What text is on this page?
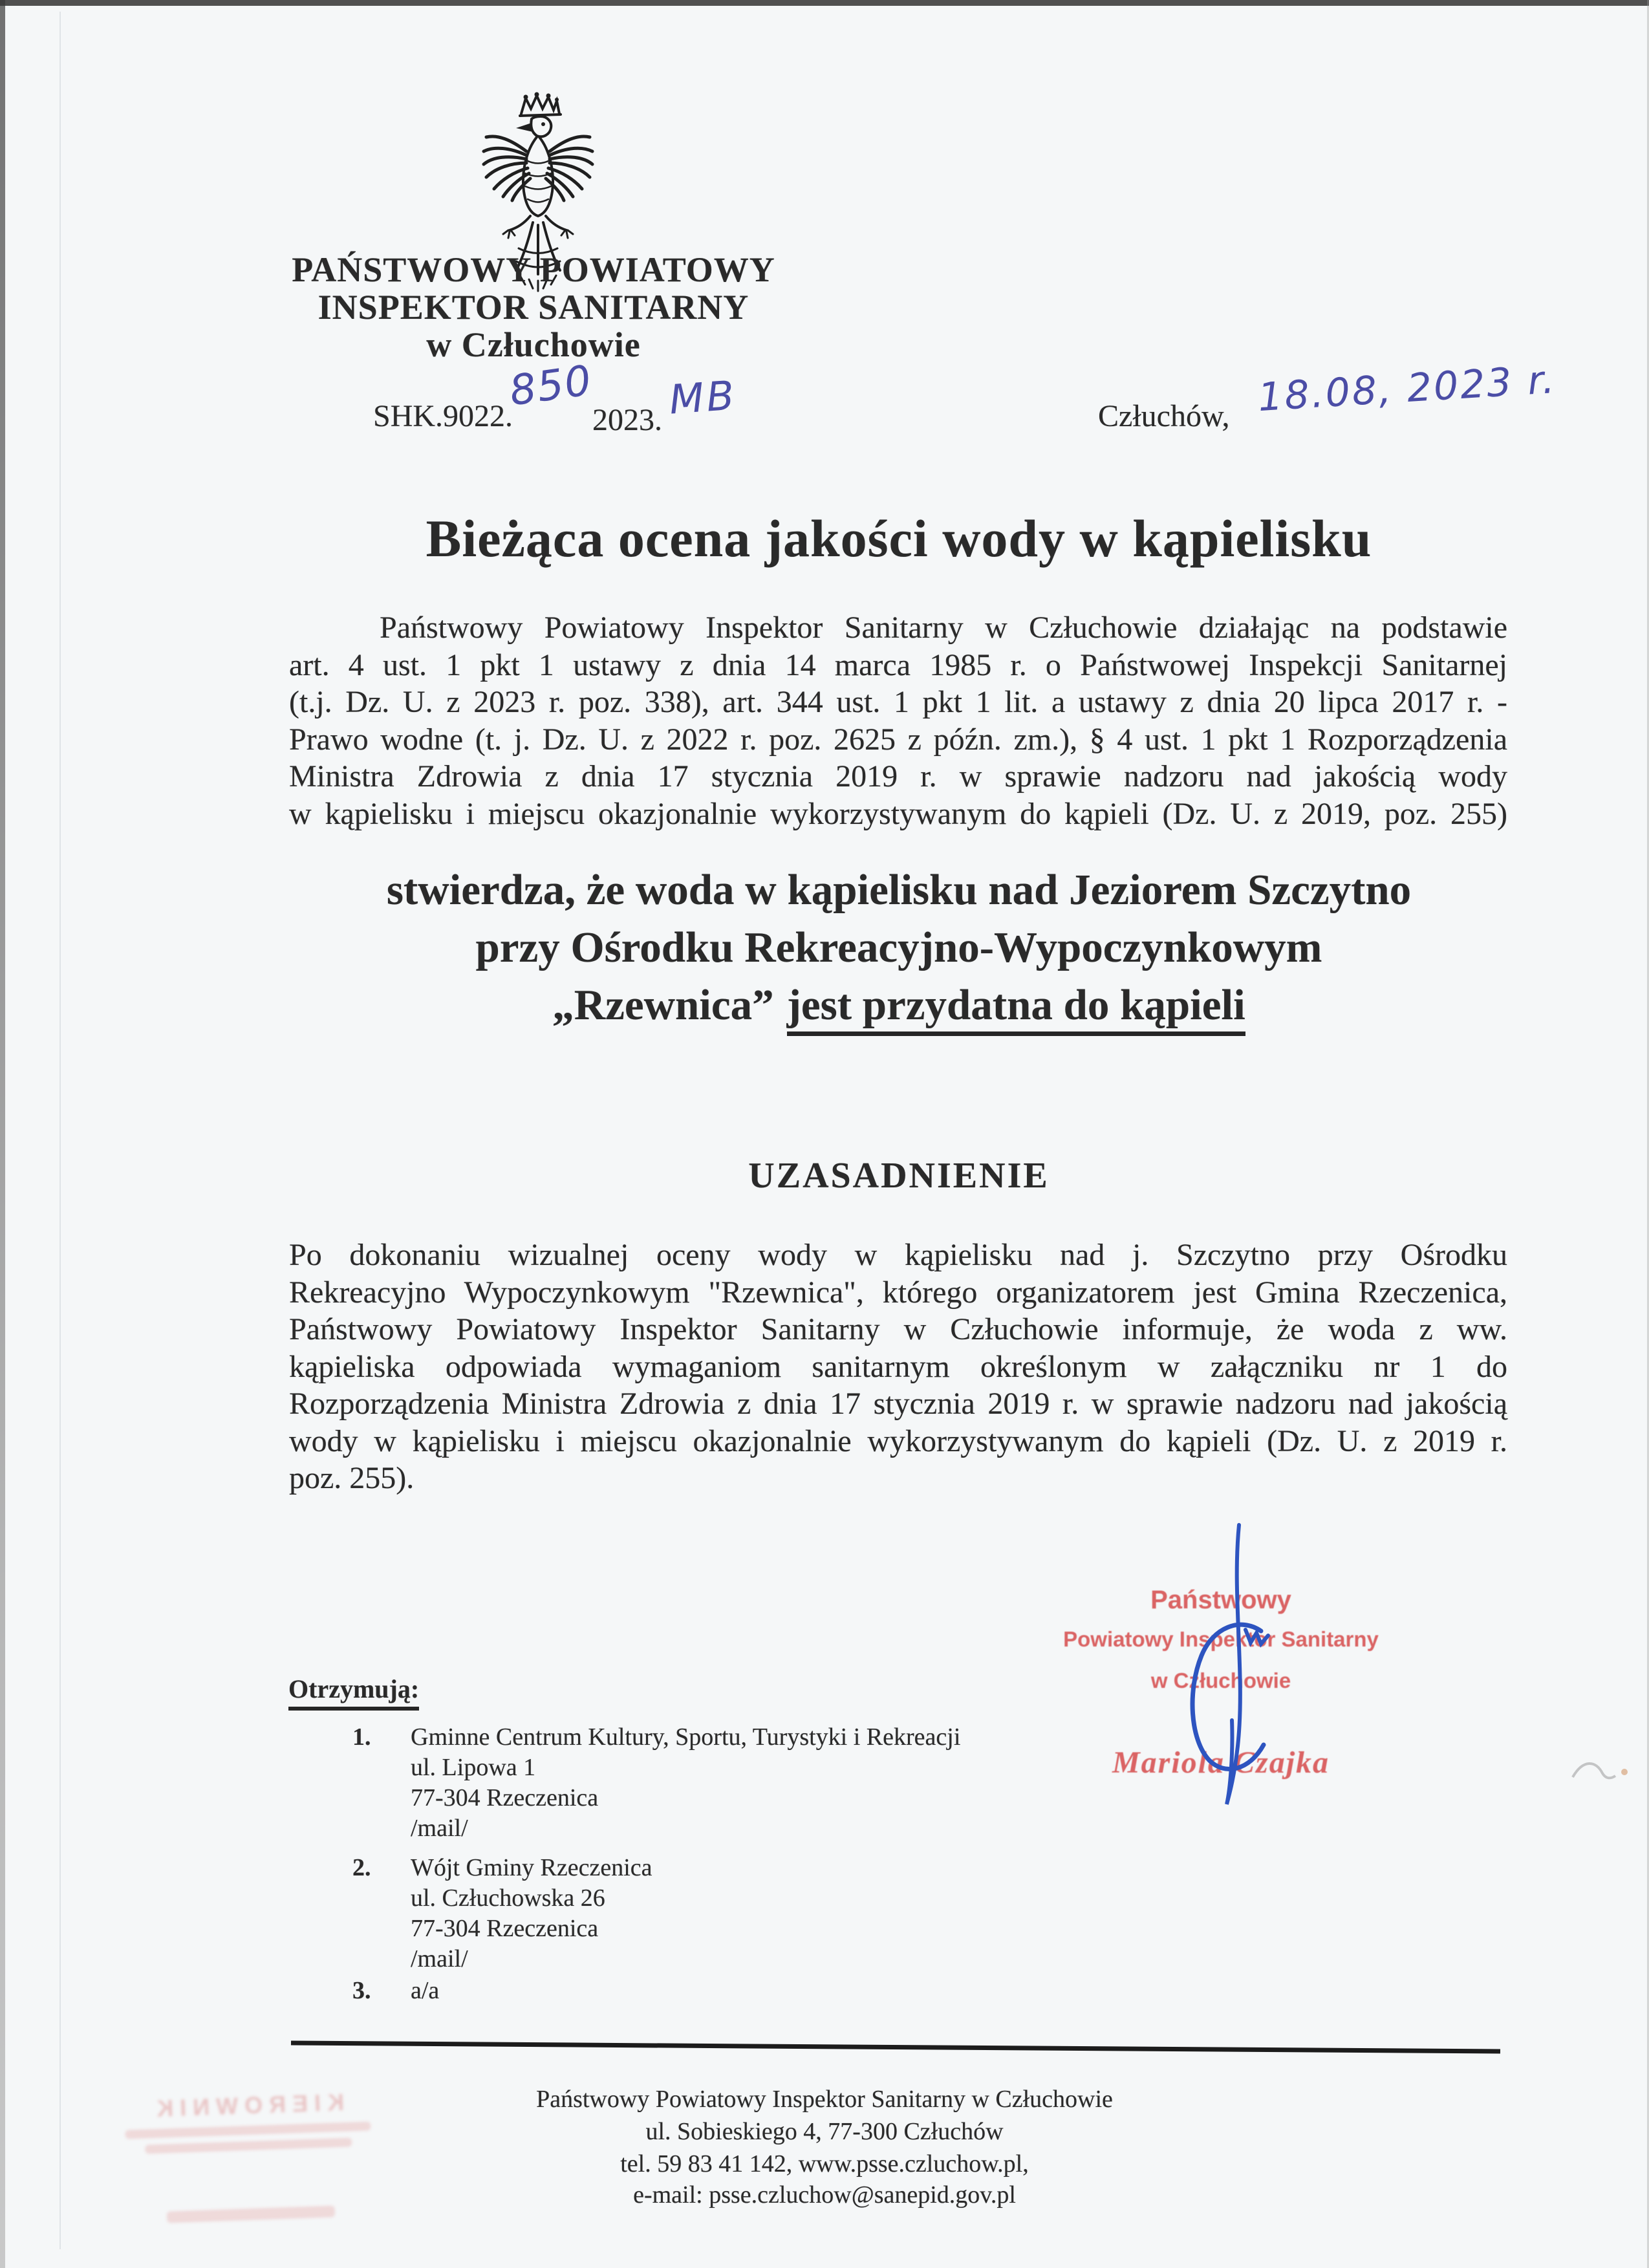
PAŃSTWOWY POWIATOWY
INSPEKTOR SANITARNY
w Człuchowie
SHK.9022.
850
2023. MB	Człuchów, 18.08, 2023 r.
Bieżąca ocena jakości wody w kąpielisku
Państwowy Powiatowy Inspektor Sanitarny w Człuchowie działając na podstawie
art. 4 ust. 1 pkt 1 ustawy z dnia 14 marca 1985 r. o Państwowej Inspekcji Sanitarnej
(t.j. Dz. U. z 2023 r. poz. 338), art. 344 ust. 1 pkt 1 lit. a ustawy z dnia 20 lipca 2017 r. -
Prawo wodne (t. j. Dz. U. z 2022 r. poz. 2625 z późn. zm.), § 4 ust. 1 pkt 1 Rozporządzenia
Ministra Zdrowia z dnia 17 stycznia 2019 r. w sprawie nadzoru nad jakością wody
w kąpielisku i miejscu okazjonalnie wykorzystywanym do kąpieli (Dz. U. z 2019, poz. 255)
stwierdza, że woda w kąpielisku nad Jeziorem Szczytno
przy Ośrodku Rekreacyjno-Wypoczynkowym
„Rzewnica” jest przydatna do kąpieli
UZASADNIENIE
Po dokonaniu wizualnej oceny wody w kąpielisku nad j. Szczytno przy Ośrodku
Rekreacyjno Wypoczynkowym "Rzewnica", którego organizatorem jest Gmina Rzeczenica,
Państwowy Powiatowy Inspektor Sanitarny w Człuchowie informuje, że woda z ww.
kąpieliska odpowiada wymaganiom sanitarnym określonym w załączniku nr 1 do
Rozporządzenia Ministra Zdrowia z dnia 17 stycznia 2019 r. w sprawie nadzoru nad jakością
wody w kąpielisku i miejscu okazjonalnie wykorzystywanym do kąpieli (Dz. U. z 2019 r.
poz. 255).
Państwowy
Powiatowy Inspektor Sanitarny
w Człuchowie
Mariola Czajka
Otrzymują:
1. Gminne Centrum Kultury, Sportu, Turystyki i Rekreacji
ul. Lipowa 1
77-304 Rzeczenica
/mail/
2. Wójt Gminy Rzeczenica
ul. Człuchowska 26
77-304 Rzeczenica
/mail/
3. a/a
Państwowy Powiatowy Inspektor Sanitarny w Człuchowie
ul. Sobieskiego 4, 77-300 Człuchów
tel. 59 83 41 142, www.psse.czluchow.pl,
e-mail: psse.czluchow@sanepid.gov.pl
KIEROWNIK
